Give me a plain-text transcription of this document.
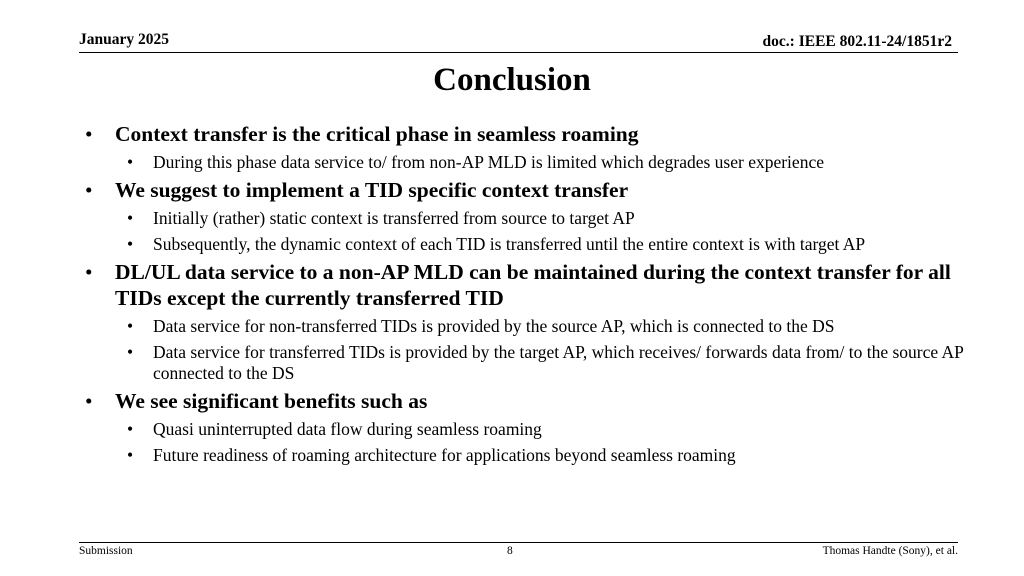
January 2025	doc.: IEEE 802.11-24/1851r2
Conclusion
• Context transfer is the critical phase in seamless roaming
• During this phase data service to/ from non-AP MLD is limited which degrades user experience
• We suggest to implement a TID specific context transfer
• Initially (rather) static context is transferred from source to target AP
• Subsequently, the dynamic context of each TID is transferred until the entire context is with target AP
• DL/UL data service to a non-AP MLD can be maintained during the context transfer for all TIDs except the currently transferred TID
• Data service for non-transferred TIDs is provided by the source AP, which is connected to the DS
• Data service for transferred TIDs is provided by the target AP, which receives/ forwards data from/ to the source AP connected to the DS
• We see significant benefits such as
• Quasi uninterrupted data flow during seamless roaming
• Future readiness of roaming architecture for applications beyond seamless roaming
Submission	8	Thomas Handte (Sony), et al.
